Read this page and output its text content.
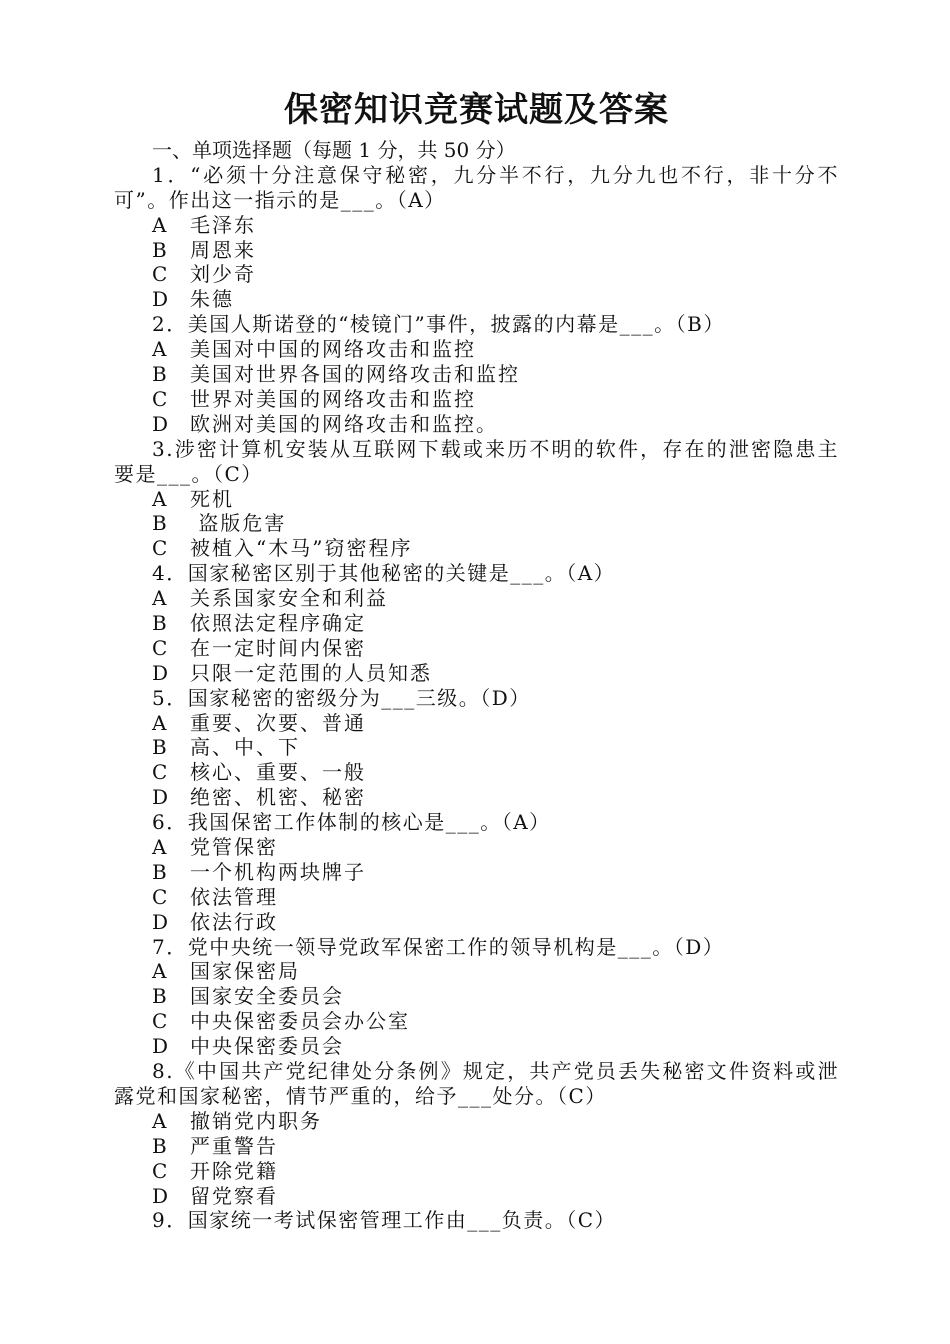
保密知识竞赛试题及答案
一、单项选择题（每题 1 分，共 50 分）
1．“必须十分注意保守秘密，九分半不行，九分九也不行，非十分不可”。作出这一指示的是___。（A）
A 毛泽东
B 周恩来
C 刘少奇
D 朱德
2．美国人斯诺登的“棱镜门”事件，披露的内幕是___。（B）
A 美国对中国的网络攻击和监控
B 美国对世界各国的网络攻击和监控
C 世界对美国的网络攻击和监控
D 欧洲对美国的网络攻击和监控。
3.涉密计算机安装从互联网下载或来历不明的软件，存在的泄密隐患主要是___。（C）
A 死机
B 盗版危害
C 被植入“木马”窃密程序
4．国家秘密区别于其他秘密的关键是___。（A）
A 关系国家安全和利益
B 依照法定程序确定
C 在一定时间内保密
D 只限一定范围的人员知悉
5．国家秘密的密级分为___三级。（D）
A 重要、次要、普通
B 高、中、下
C 核心、重要、一般
D 绝密、机密、秘密
6．我国保密工作体制的核心是___。（A）
A 党管保密
B 一个机构两块牌子
C 依法管理
D 依法行政
7．党中央统一领导党政军保密工作的领导机构是___。（D）
A 国家保密局
B 国家安全委员会
C 中央保密委员会办公室
D 中央保密委员会
8.《中国共产党纪律处分条例》规定，共产党员丢失秘密文件资料或泄露党和国家秘密，情节严重的，给予___处分。（C）
A 撤销党内职务
B 严重警告
C 开除党籍
D 留党察看
9．国家统一考试保密管理工作由___负责。（C）
